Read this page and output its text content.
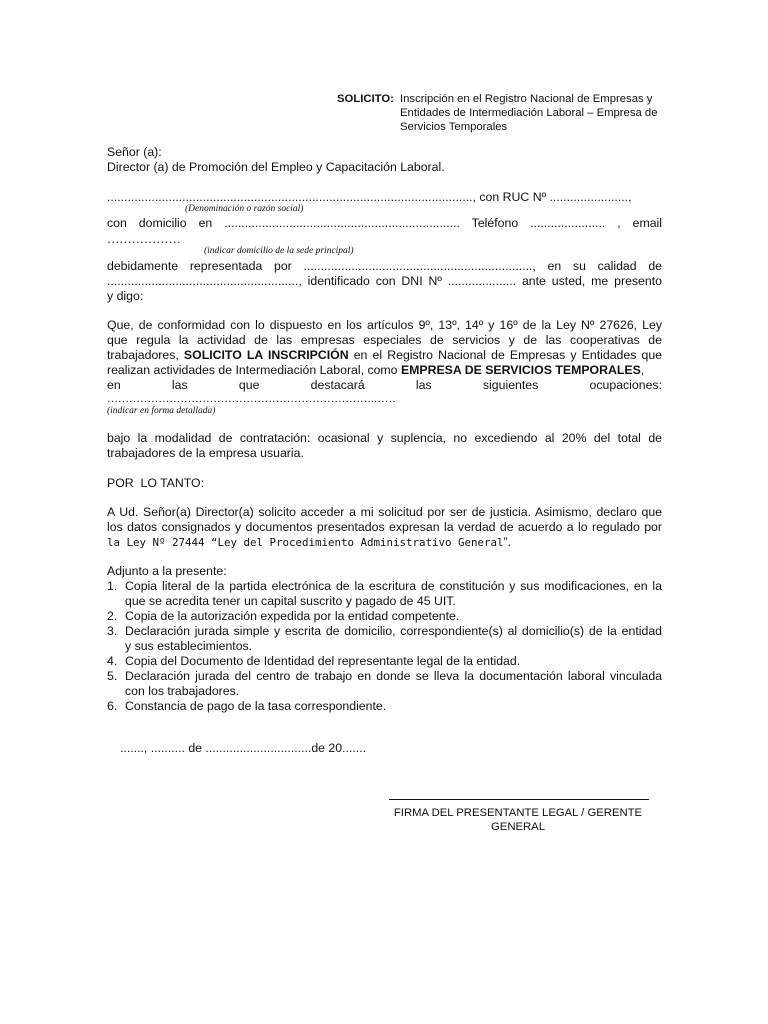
SOLICITO: Inscripción en el Registro Nacional de Empresas y
Entidades de Intermediación Laboral – Empresa de
Servicios Temporales
Señor (a):
Director (a) de Promoción del Empleo y Capacitación Laboral.
..........................................................................................................., con RUC Nº .......................,
(Denominación o razón social)
con domicilio en ..................................................................... Teléfono ...................... , email
………………
(indicar domicilio de la sede principal)
debidamente representada por ..................................................................., en su calidad de
........................................................, identificado con DNI Nº .................... ante usted, me presento
y digo:
Que, de conformidad con lo dispuesto en los artículos 9º, 13º, 14º y 16º de la Ley Nº 27626, Ley
que regula la actividad de las empresas especiales de servicios y de las cooperativas de
trabajadores, SOLICITO LA INSCRIPCIÓN en el Registro Nacional de Empresas y Entidades que
realizan actividades de Intermediación Laboral, como EMPRESA DE SERVICIOS TEMPORALES,
en las que destacará las siguientes ocupaciones:
……………………………………………………………….……
(indicar en forma detallada)
bajo la modalidad de contratación: ocasional y suplencia, no excediendo al 20% del total de
trabajadores de la empresa usuaria.
POR  LO TANTO:
A Ud. Señor(a) Director(a) solicito acceder a mi solicitud por ser de justicia. Asimismo, declaro que
los datos consignados y documentos presentados expresan la verdad de acuerdo a lo regulado por
la Ley Nº 27444 “Ley del Procedimiento Administrativo General”.
Adjunto a la presente:
1. Copia literal de la partida electrónica de la escritura de constitución y sus modificaciones, en la
que se acredita tener un capital suscrito y pagado de 45 UIT.
2. Copia de la autorización expedida por la entidad competente.
3. Declaración jurada simple y escrita de domicilio, correspondiente(s) al domicilio(s) de la entidad
y sus establecimientos.
4. Copia del Documento de Identidad del representante legal de la entidad.
5. Declaración jurada del centro de trabajo en donde se lleva la documentación laboral vinculada
con los trabajadores.
6. Constancia de pago de la tasa correspondiente.
......., .......... de ...............................de 20.......
FIRMA DEL PRESENTANTE LEGAL / GERENTE
GENERAL
